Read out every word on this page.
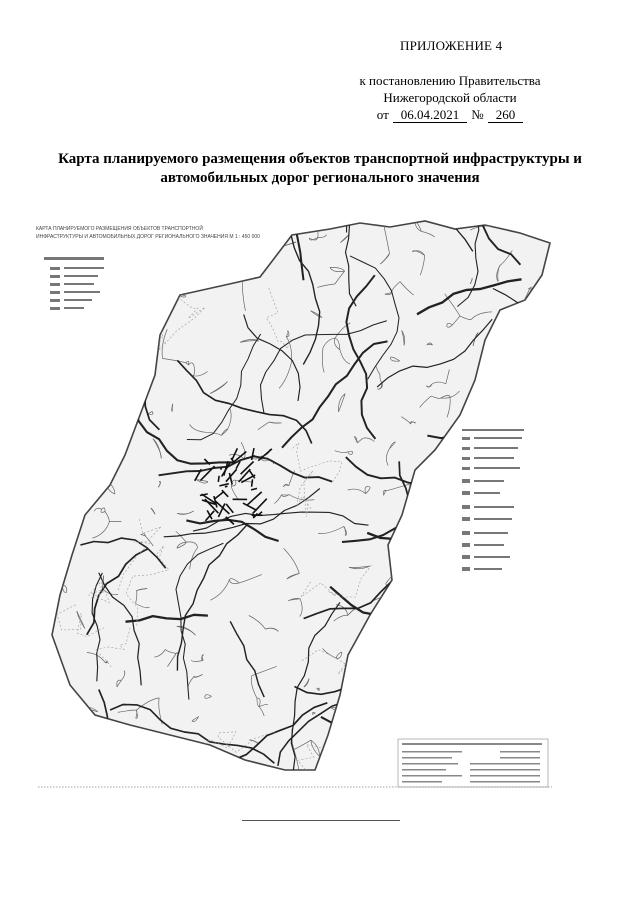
ПРИЛОЖЕНИЕ 4
к постановлению Правительства
Нижегородской области
от 06.04.2021 № 260
Карта планируемого размещения объектов транспортной инфраструктуры и
автомобильных дорог регионального значения
КАРТА ПЛАНИРУЕМОГО РАЗМЕЩЕНИЯ ОБЪЕКТОВ ТРАНСПОРТНОЙ
ИНФРАСТРУКТУРЫ И АВТОМОБИЛЬНЫХ ДОРОГ РЕГИОНАЛЬНОГО ЗНАЧЕНИЯ М 1 : 450 000
